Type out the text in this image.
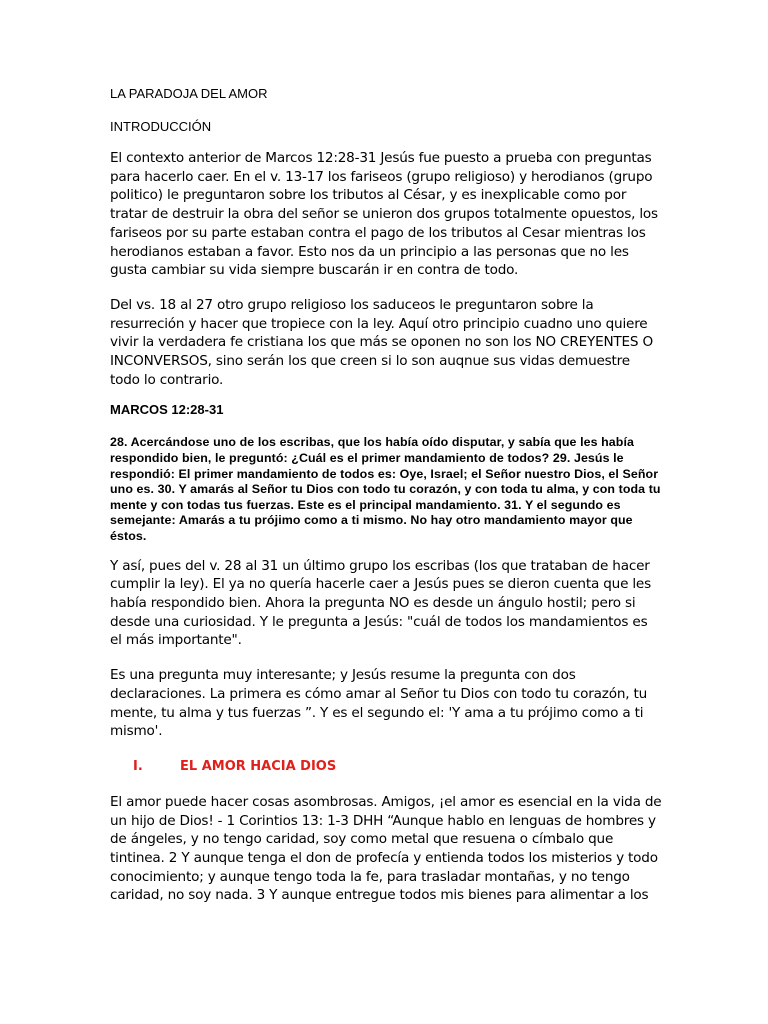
LA PARADOJA DEL AMOR

INTRODUCCIÓN

El contexto anterior de Marcos 12:28-31 Jesús fue puesto a prueba con preguntas para hacerlo caer. En el v. 13-17 los fariseos (grupo religioso) y herodianos (grupo politico) le preguntaron sobre los tributos al César, y es inexplicable como por tratar de destruir la obra del señor se unieron dos grupos totalmente opuestos, los fariseos por su parte estaban contra el pago de los tributos al Cesar mientras los herodianos estaban a favor. Esto nos da un principio a las personas que no les gusta cambiar su vida siempre buscarán ir en contra de todo.

Del vs. 18 al 27 otro grupo religioso los saduceos le preguntaron sobre la resurreción y hacer que tropiece con la ley. Aquí otro principio cuadno uno quiere vivir la verdadera fe cristiana los que más se oponen no son los NO CREYENTES O INCONVERSOS, sino serán los que creen si lo son auqnue sus vidas demuestre todo lo contrario.

MARCOS 12:28-31

28. Acercándose uno de los escribas, que los había oído disputar, y sabía que les había respondido bien, le preguntó: ¿Cuál es el primer mandamiento de todos? 29. Jesús le respondió: El primer mandamiento de todos es: Oye, Israel; el Señor nuestro Dios, el Señor uno es. 30. Y amarás al Señor tu Dios con todo tu corazón, y con toda tu alma, y con toda tu mente y con todas tus fuerzas. Este es el principal mandamiento. 31. Y el segundo es semejante: Amarás a tu prójimo como a ti mismo. No hay otro mandamiento mayor que éstos.

Y así, pues del v. 28 al 31 un último grupo los escribas (los que trataban de hacer cumplir la ley). El ya no quería hacerle caer a Jesús pues se dieron cuenta que les había respondido bien. Ahora la pregunta NO es desde un ángulo hostil; pero si desde una curiosidad. Y le pregunta a Jesús: "cuál de todos los mandamientos es el más importante".

Es una pregunta muy interesante; y Jesús resume la pregunta con dos declaraciones. La primera es cómo amar al Señor tu Dios con todo tu corazón, tu mente, tu alma y tus fuerzas ”. Y es el segundo el: 'Y ama a tu prójimo como a ti mismo'.

I.	EL AMOR HACIA DIOS

El amor puede hacer cosas asombrosas. Amigos, ¡el amor es esencial en la vida de un hijo de Dios! - 1 Corintios 13: 1-3 DHH “Aunque hablo en lenguas de hombres y de ángeles, y no tengo caridad, soy como metal que resuena o címbalo que tintinea. 2 Y aunque tenga el don de profecía y entienda todos los misterios y todo conocimiento; y aunque tengo toda la fe, para trasladar montañas, y no tengo caridad, no soy nada. 3 Y aunque entregue todos mis bienes para alimentar a los
